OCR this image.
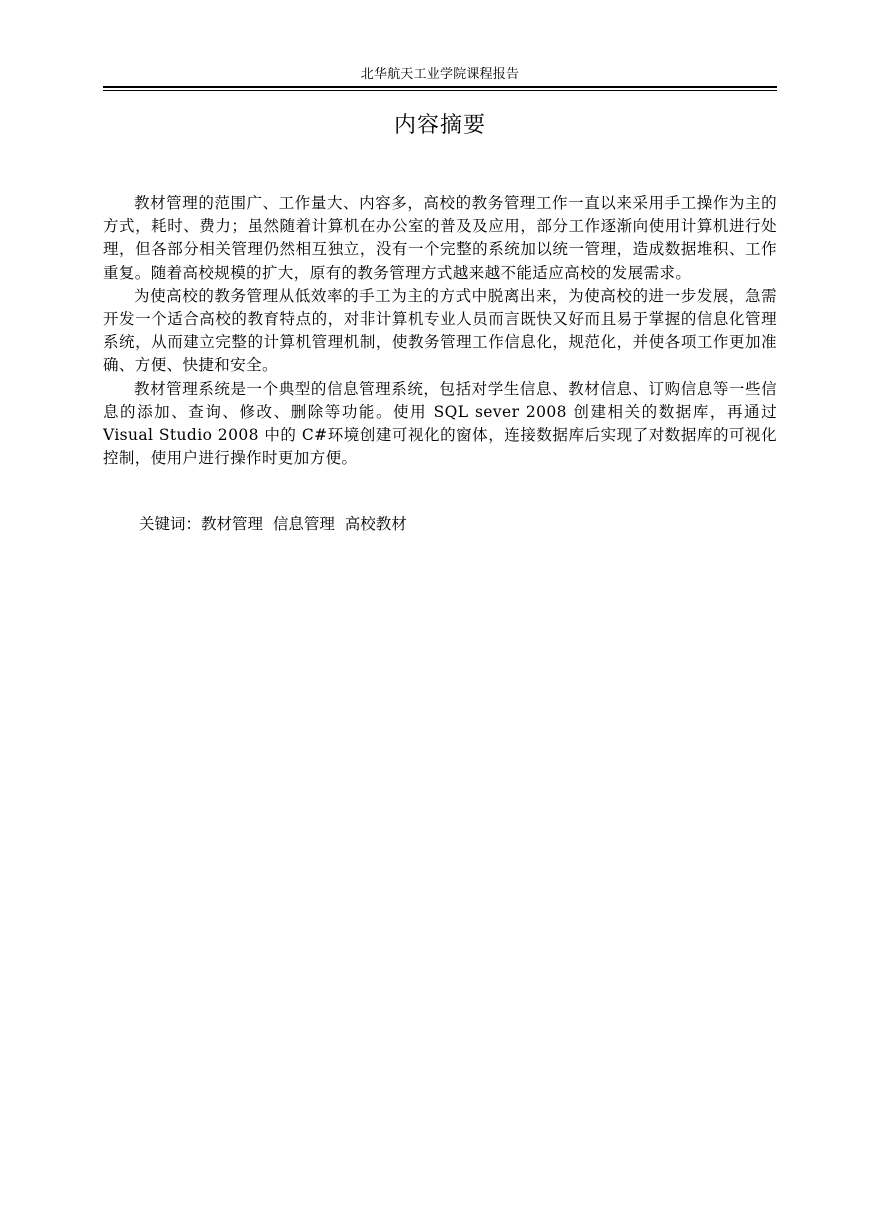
北华航天工业学院课程报告
内容摘要

教材管理的范围广、工作量大、内容多，高校的教务管理工作一直以来采用手工操作为主的方式，耗时、费力；虽然随着计算机在办公室的普及及应用，部分工作逐渐向使用计算机进行处理，但各部分相关管理仍然相互独立，没有一个完整的系统加以统一管理，造成数据堆积、工作重复。随着高校规模的扩大，原有的教务管理方式越来越不能适应高校的发展需求。

为使高校的教务管理从低效率的手工为主的方式中脱离出来，为使高校的进一步发展，急需开发一个适合高校的教育特点的，对非计算机专业人员而言既快又好而且易于掌握的信息化管理系统，从而建立完整的计算机管理机制，使教务管理工作信息化，规范化，并使各项工作更加准确、方便、快捷和安全。

教材管理系统是一个典型的信息管理系统，包括对学生信息、教材信息、订购信息等一些信息的添加、查询、修改、删除等功能。使用 SQL sever 2008 创建相关的数据库，再通过 Visual Studio 2008 中的 C#环境创建可视化的窗体，连接数据库后实现了对数据库的可视化控制，使用户进行操作时更加方便。

关键词：教材管理  信息管理  高校教材
